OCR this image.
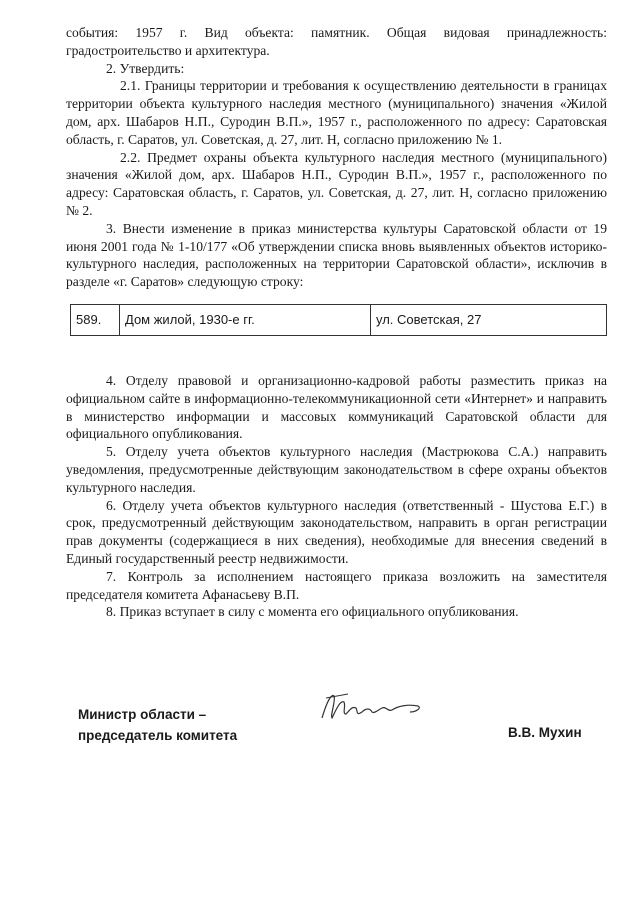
события: 1957 г. Вид объекта: памятник. Общая видовая принадлежность: градостроительство и архитектура.

2. Утвердить:

2.1. Границы территории и требования к осуществлению деятельности в границах территории объекта культурного наследия местного (муниципального) значения «Жилой дом, арх. Шабаров Н.П., Суродин В.П.», 1957 г., расположенного по адресу: Саратовская область, г. Саратов, ул. Советская, д. 27, лит. Н, согласно приложению № 1.

2.2. Предмет охраны объекта культурного наследия местного (муниципального) значения «Жилой дом, арх. Шабаров Н.П., Суродин В.П.», 1957 г., расположенного по адресу: Саратовская область, г. Саратов, ул. Советская, д. 27, лит. Н, согласно приложению № 2.

3. Внести изменение в приказ министерства культуры Саратовской области от 19 июня 2001 года № 1-10/177 «Об утверждении списка вновь выявленных объектов историко-культурного наследия, расположенных на территории Саратовской области», исключив в разделе «г. Саратов» следующую строку:

589.	Дом жилой, 1930-е гг.	ул. Советская, 27

4. Отделу правовой и организационно-кадровой работы разместить приказ на официальном сайте в информационно-телекоммуникационной сети «Интернет» и направить в министерство информации и массовых коммуникаций Саратовской области для официального опубликования.

5. Отделу учета объектов культурного наследия (Мастрюкова С.А.) направить уведомления, предусмотренные действующим законодательством в сфере охраны объектов культурного наследия.

6. Отделу учета объектов культурного наследия (ответственный - Шустова Е.Г.) в срок, предусмотренный действующим законодательством, направить в орган регистрации прав документы (содержащиеся в них сведения), необходимые для внесения сведений в Единый государственный реестр недвижимости.

7. Контроль за исполнением настоящего приказа возложить на заместителя председателя комитета Афанасьеву В.П.

8. Приказ вступает в силу с момента его официального опубликования.

Министр области –
председатель комитета	В.В. Мухин
